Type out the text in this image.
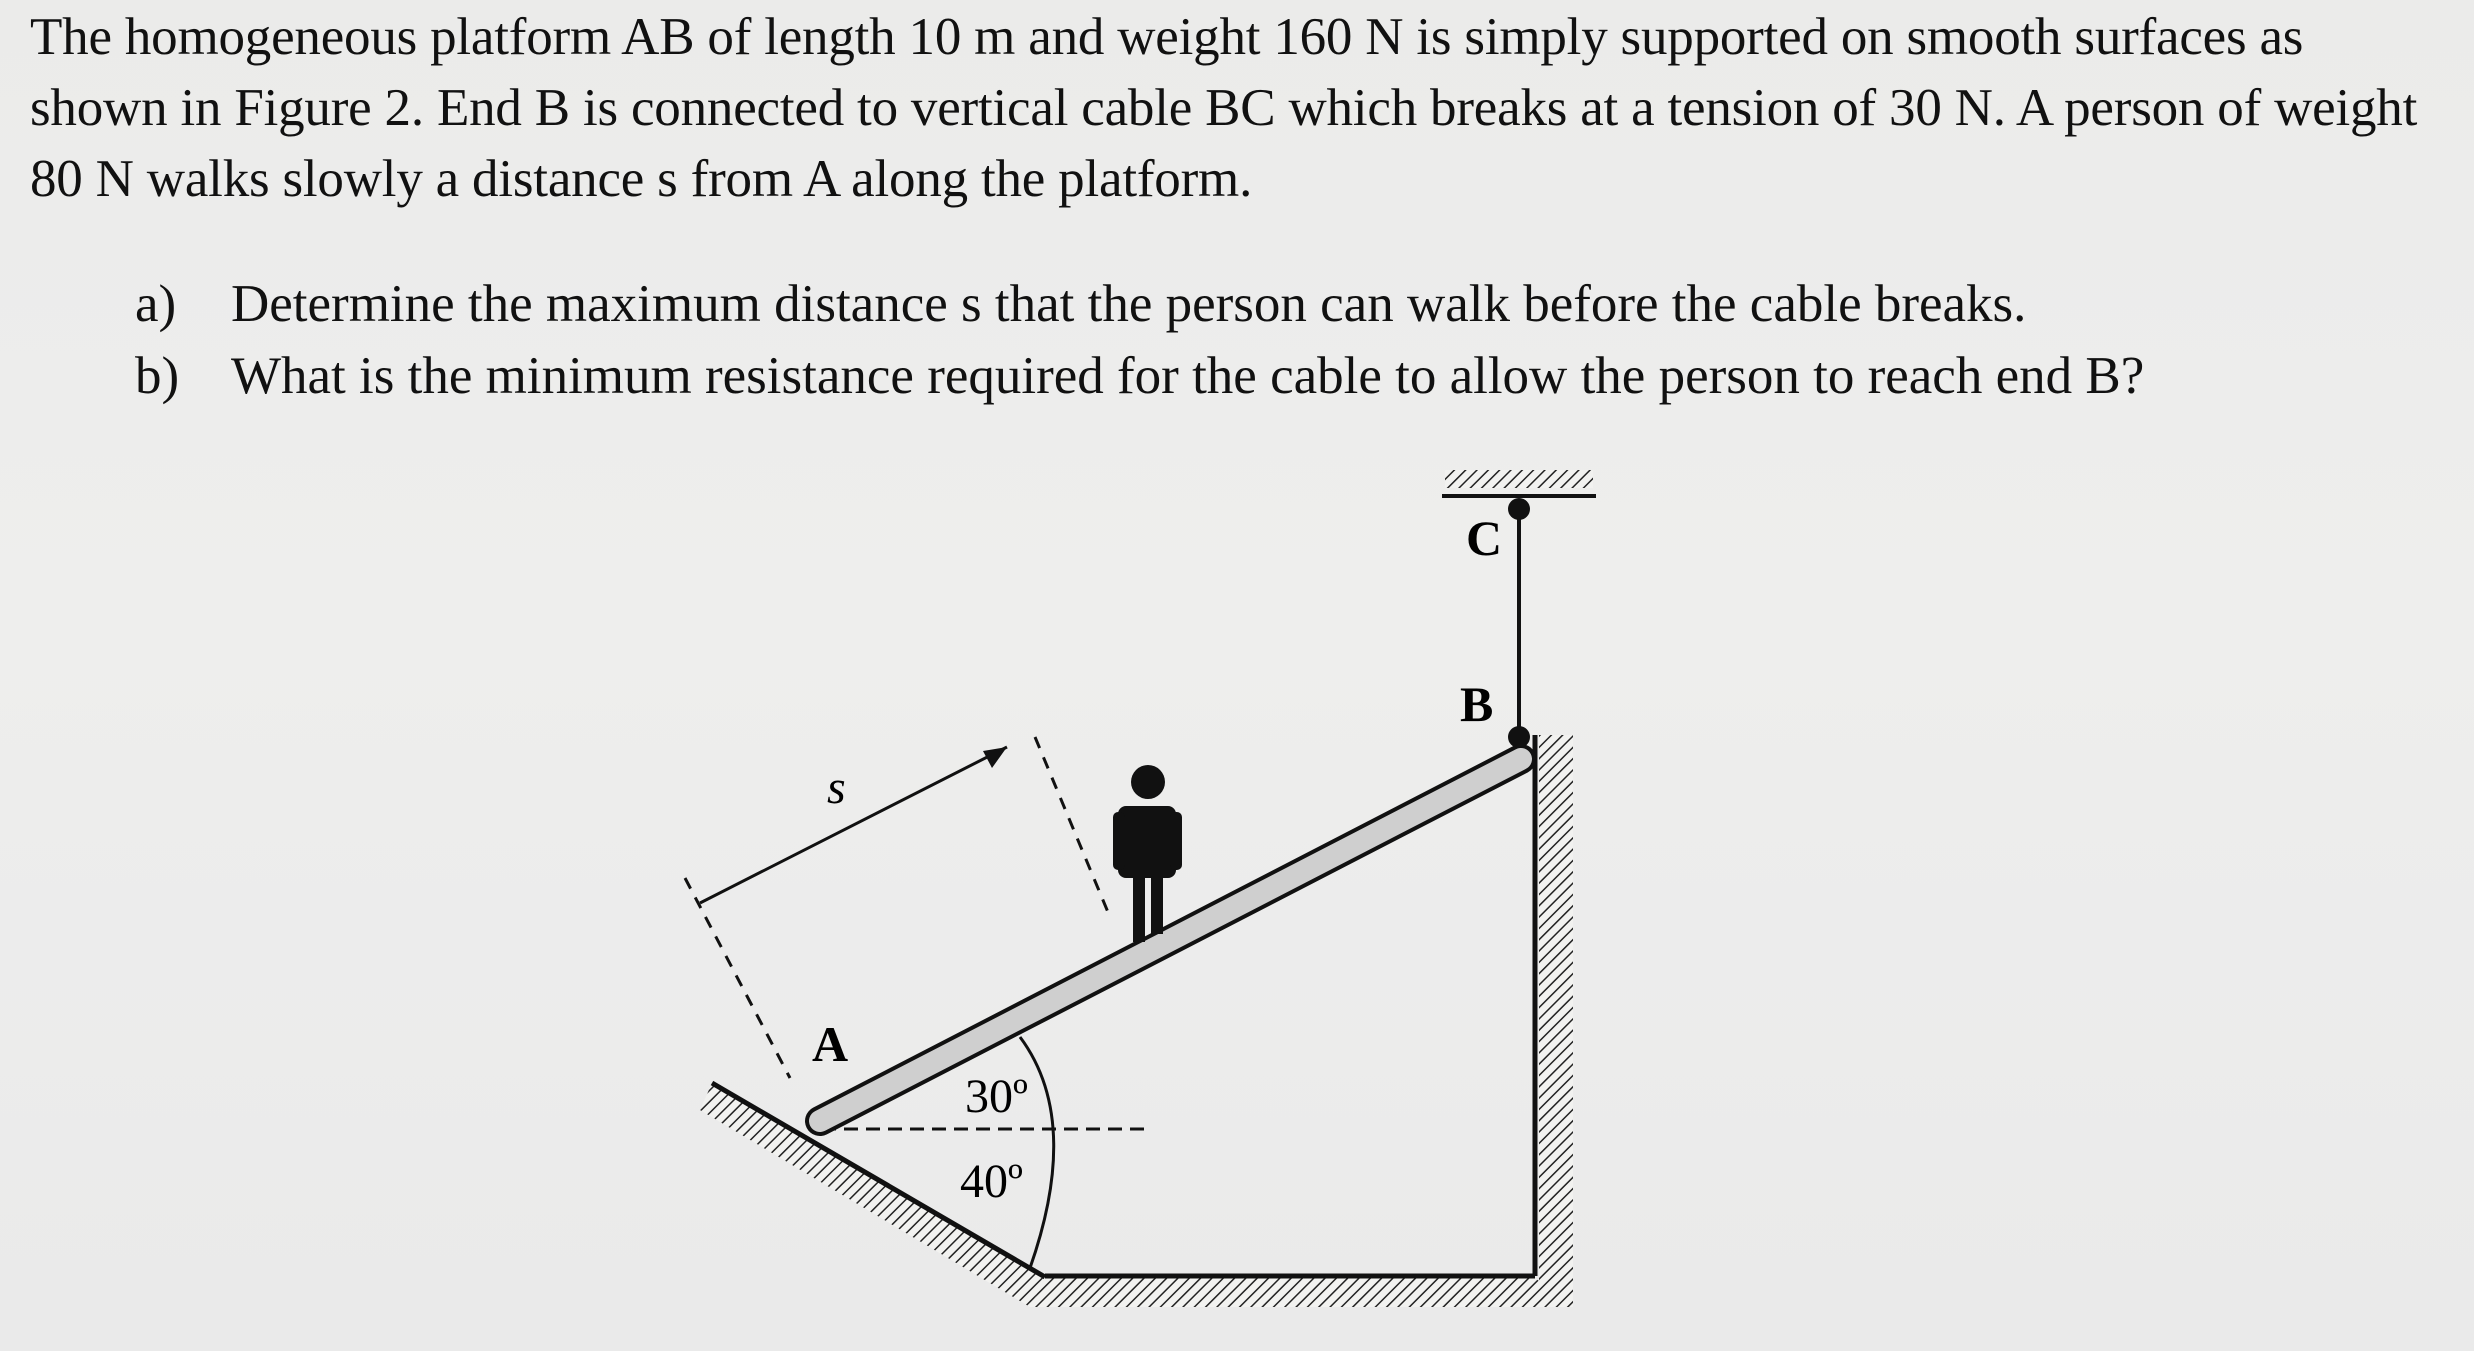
The homogeneous platform AB of length 10 m and weight 160 N is simply supported on smooth surfaces as shown in Figure 2. End B is connected to vertical cable BC which breaks at a tension of 30 N. A person of weight 80 N walks slowly a distance s from A along the platform.

a)	Determine the maximum distance s that the person can walk before the cable breaks.
b) What is the minimum resistance required for the cable to allow the person to reach end B?
C
B
A
s
30º
40º
